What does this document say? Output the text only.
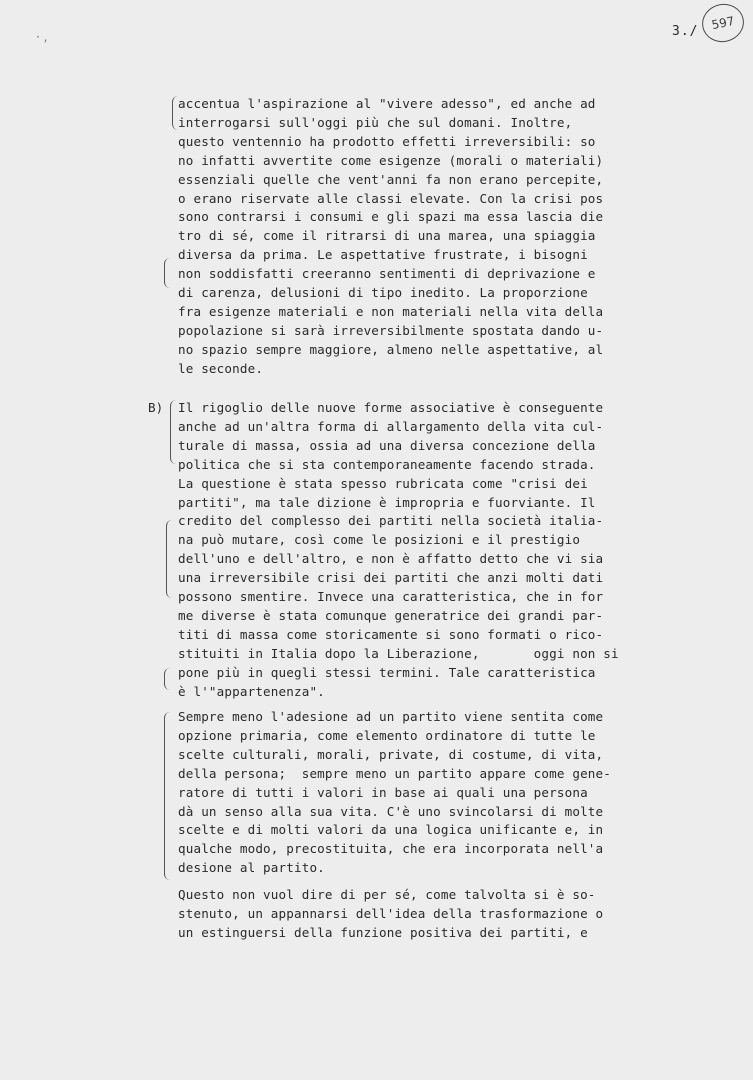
· ,	3./ 597
B)
accentua l'aspirazione al "vivere adesso", ed anche ad
interrogarsi sull'oggi più che sul domani. Inoltre,
questo ventennio ha prodotto effetti irreversibili: so
no infatti avvertite come esigenze (morali o materiali)
essenziali quelle che vent'anni fa non erano percepite,
o erano riservate alle classi elevate. Con la crisi pos
sono contrarsi i consumi e gli spazi ma essa lascia die
tro di sé, come il ritrarsi di una marea, una spiaggia
diversa da prima. Le aspettative frustrate, i bisogni
non soddisfatti creeranno sentimenti di deprivazione e
di carenza, delusioni di tipo inedito. La proporzione
fra esigenze materiali e non materiali nella vita della
popolazione si sarà irreversibilmente spostata dando u-
no spazio sempre maggiore, almeno nelle aspettative, al
le seconde.
Il rigoglio delle nuove forme associative è conseguente
anche ad un'altra forma di allargamento della vita cul-
turale di massa, ossia ad una diversa concezione della
politica che si sta contemporaneamente facendo strada.
La questione è stata spesso rubricata come "crisi dei
partiti", ma tale dizione è impropria e fuorviante. Il
credito del complesso dei partiti nella società italia-
na può mutare, così come le posizioni e il prestigio
dell'uno e dell'altro, e non è affatto detto che vi sia
una irreversibile crisi dei partiti che anzi molti dati
possono smentire. Invece una caratteristica, che in for
me diverse è stata comunque generatrice dei grandi par-
titi di massa come storicamente si sono formati o rico-
stituiti in Italia dopo la Liberazione,       oggi non si
pone più in quegli stessi termini. Tale caratteristica
è l'"appartenenza".
Sempre meno l'adesione ad un partito viene sentita come
opzione primaria, come elemento ordinatore di tutte le
scelte culturali, morali, private, di costume, di vita,
della persona;  sempre meno un partito appare come gene-
ratore di tutti i valori in base ai quali una persona
dà un senso alla sua vita. C'è uno svincolarsi di molte
scelte e di molti valori da una logica unificante e, in
qualche modo, precostituita, che era incorporata nell'a
desione al partito.
Questo non vuol dire di per sé, come talvolta si è so-
stenuto, un appannarsi dell'idea della trasformazione o
un estinguersi della funzione positiva dei partiti, e
